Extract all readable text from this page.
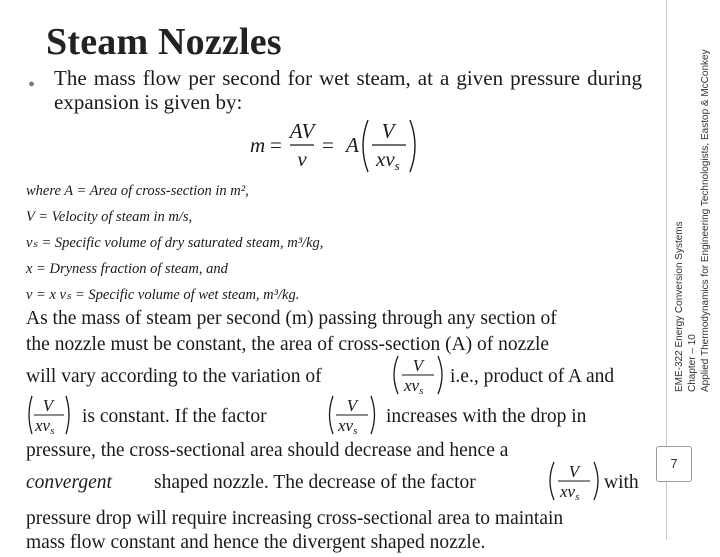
Steam Nozzles
• The mass flow per second for wet steam, at a given pressure during expansion is given by:
m =
AV
v
= A
V
xvs
where A = Area of cross-section in m²,
V = Velocity of steam in m/s,
vₛ = Specific volume of dry saturated steam, m³/kg,
x = Dryness fraction of steam, and
v = x vₛ = Specific volume of wet steam, m³/kg.
As the mass of steam per second (m) passing through any section of
the nozzle must be constant, the area of cross-section (A) of nozzle
will vary according to the variation of
V
xvs
i.e., product of A and
V
xvs
is constant. If the factor
V
xvs
increases with the drop in
pressure, the cross-sectional area should decrease and hence a
convergent shaped nozzle. The decrease of the factor
V
xvs
with
pressure drop will require increasing cross-sectional area to maintain
mass flow constant and hence the divergent shaped nozzle.
EME-322 Energy Conversion Systems Chapter – 10 Applied Thermodynamics for Engineering Technologists, Eastop & McConkey
7
